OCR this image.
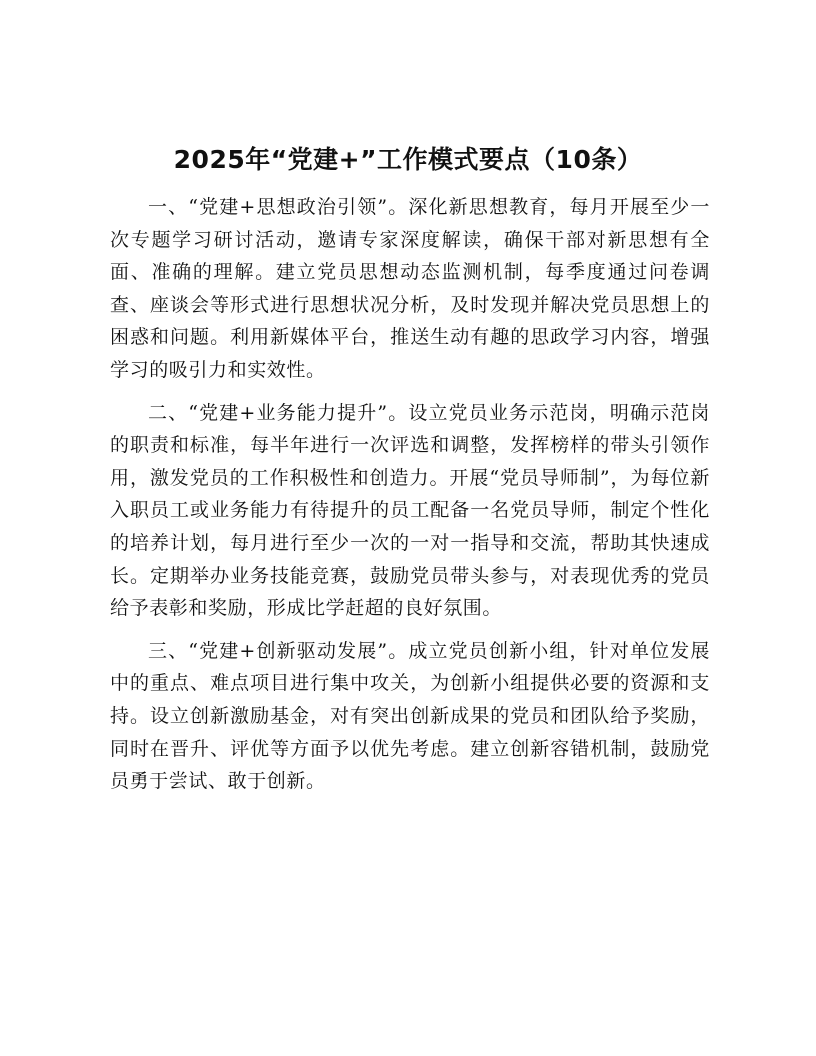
2025年“党建+”工作模式要点（10条）

一、“党建+思想政治引领”。深化新思想教育，每月开展至少一次专题学习研讨活动，邀请专家深度解读，确保干部对新思想有全面、准确的理解。建立党员思想动态监测机制，每季度通过问卷调查、座谈会等形式进行思想状况分析，及时发现并解决党员思想上的困惑和问题。利用新媒体平台，推送生动有趣的思政学习内容，增强学习的吸引力和实效性。

二、“党建+业务能力提升”。设立党员业务示范岗，明确示范岗的职责和标准，每半年进行一次评选和调整，发挥榜样的带头引领作用，激发党员的工作积极性和创造力。开展“党员导师制”，为每位新入职员工或业务能力有待提升的员工配备一名党员导师，制定个性化的培养计划，每月进行至少一次的一对一指导和交流，帮助其快速成长。定期举办业务技能竞赛，鼓励党员带头参与，对表现优秀的党员给予表彰和奖励，形成比学赶超的良好氛围。

三、“党建+创新驱动发展”。成立党员创新小组，针对单位发展中的重点、难点项目进行集中攻关，为创新小组提供必要的资源和支持。设立创新激励基金，对有突出创新成果的党员和团队给予奖励，同时在晋升、评优等方面予以优先考虑。建立创新容错机制，鼓励党员勇于尝试、敢于创新。
